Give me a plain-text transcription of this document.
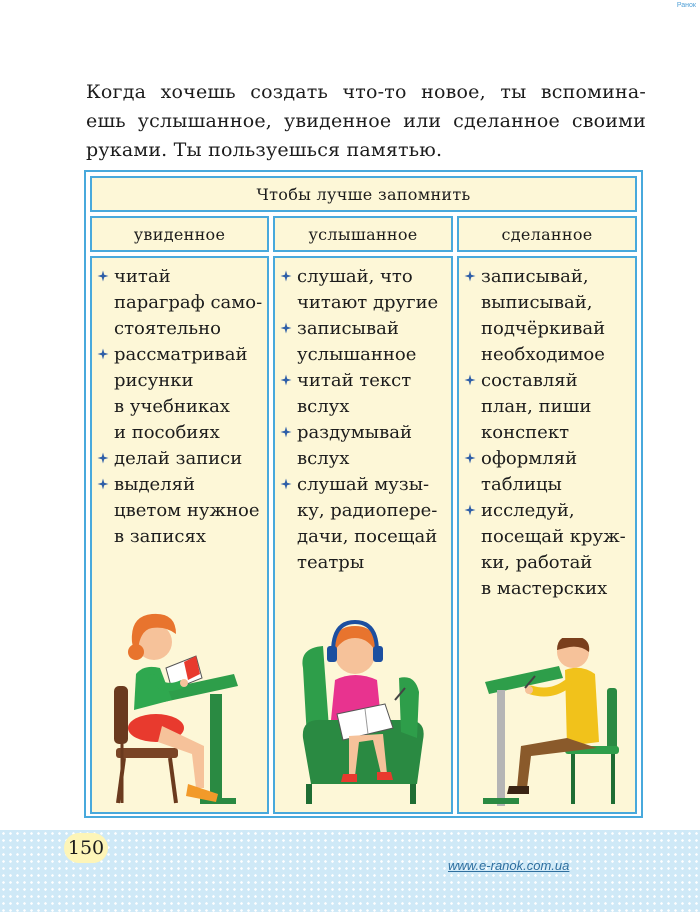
Ранок
Когда хочешь создать что-то новое, ты вспомина-
ешь услышанное, увиденное или сделанное своими
руками. Ты пользуешься памятью.
Чтобы лучше запомнить
увиденное	услышанное	сделанное
читай
параграф само-
стоятельно
рассматривай
рисунки
в учебниках
и пособиях
делай записи
выделяй
цветом нужное
в записях
слушай, что
читают другие
записывай
услышанное
читай текст
вслух
раздумывай
вслух
слушай музы-
ку, радиопере-
дачи, посещай
театры
записывай,
выписывай,
подчёркивай
необходимое
составляй
план, пиши
конспект
оформляй
таблицы
исследуй,
посещай круж-
ки, работай
в мастерских
150
www.e-ranok.com.ua
